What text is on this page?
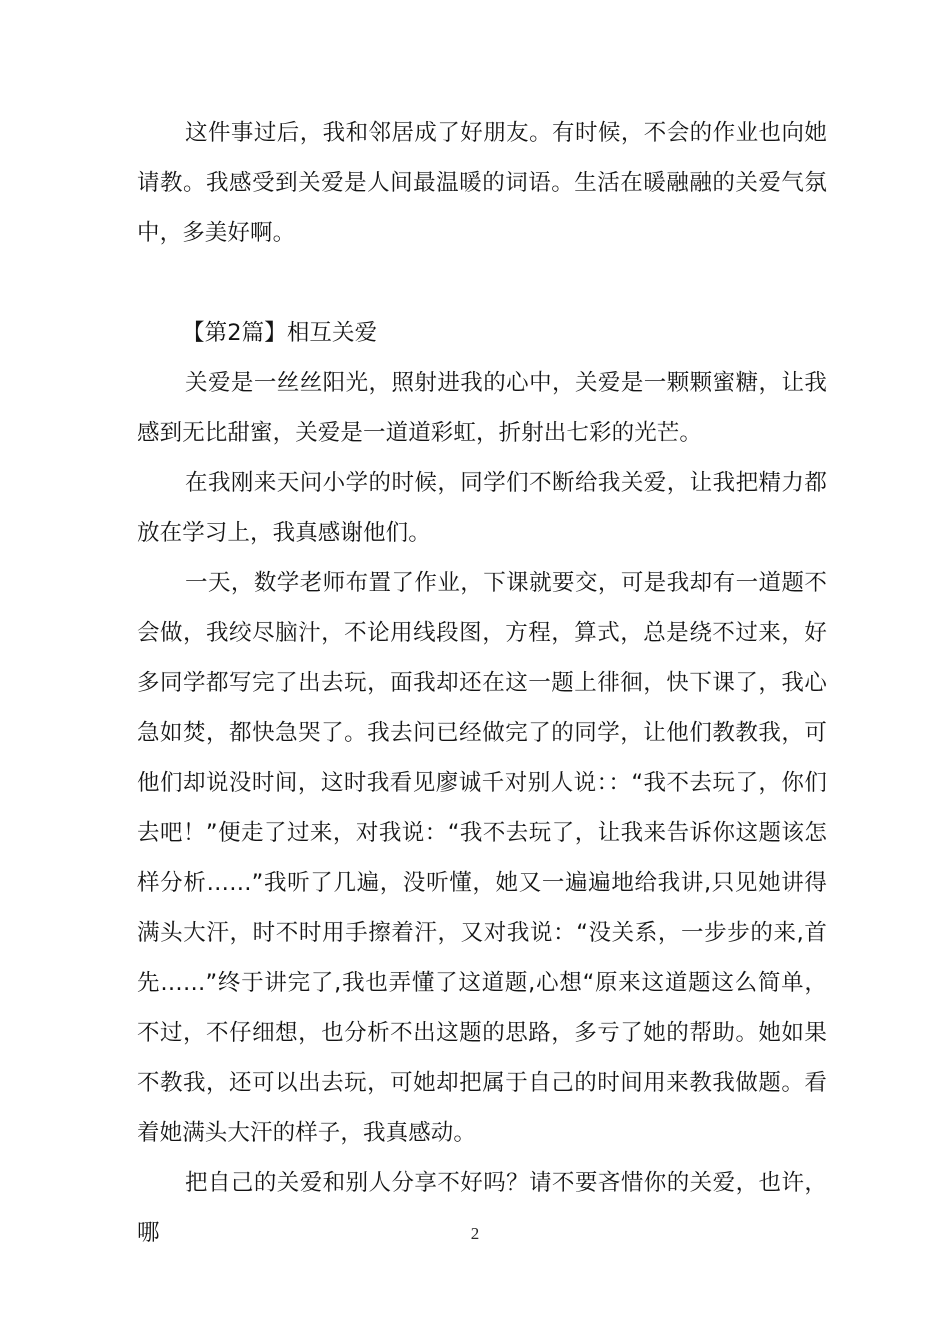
这件事过后，我和邻居成了好朋友。有时候，不会的作业也向她请教。我感受到关爱是人间最温暖的词语。生活在暖融融的关爱气氛中，多美好啊。

【第2篇】相互关爱

关爱是一丝丝阳光，照射进我的心中，关爱是一颗颗蜜糖，让我感到无比甜蜜，关爱是一道道彩虹，折射出七彩的光芒。

在我刚来天问小学的时候，同学们不断给我关爱，让我把精力都放在学习上，我真感谢他们。

一天，数学老师布置了作业，下课就要交，可是我却有一道题不会做，我绞尽脑汁，不论用线段图，方程，算式，总是绕不过来，好多同学都写完了出去玩，面我却还在这一题上徘徊，快下课了，我心急如焚，都快急哭了。我去问已经做完了的同学，让他们教教我，可他们却说没时间，这时我看见廖诚千对别人说：：“我不去玩了，你们去吧！”便走了过来，对我说：“我不去玩了，让我来告诉你这题该怎样分析……”我听了几遍，没听懂，她又一遍遍地给我讲,只见她讲得满头大汗，时不时用手擦着汗，又对我说：“没关系，一步步的来,首先……”终于讲完了,我也弄懂了这道题,心想“原来这道题这么简单，不过，不仔细想，也分析不出这题的思路，多亏了她的帮助。她如果不教我，还可以出去玩，可她却把属于自己的时间用来教我做题。看着她满头大汗的样子，我真感动。

把自己的关爱和别人分享不好吗？请不要吝惜你的关爱，也许，哪	2
